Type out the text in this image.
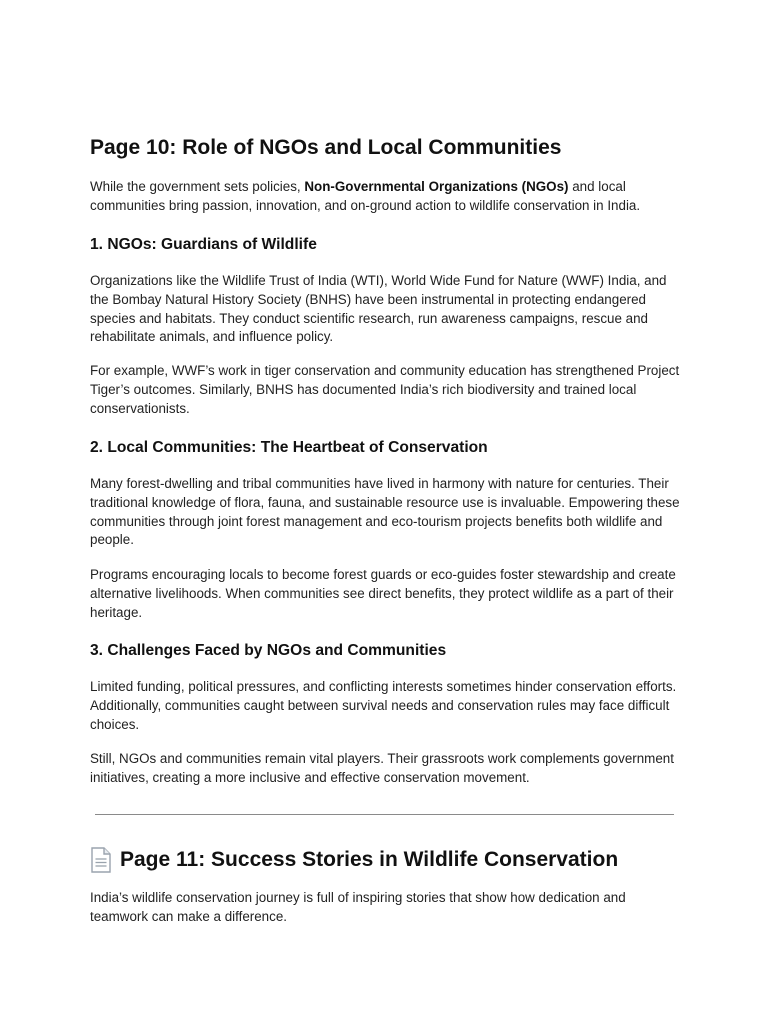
Page 10: Role of NGOs and Local Communities

While the government sets policies, Non-Governmental Organizations (NGOs) and local communities bring passion, innovation, and on-ground action to wildlife conservation in India.

1. NGOs: Guardians of Wildlife

Organizations like the Wildlife Trust of India (WTI), World Wide Fund for Nature (WWF) India, and the Bombay Natural History Society (BNHS) have been instrumental in protecting endangered species and habitats. They conduct scientific research, run awareness campaigns, rescue and rehabilitate animals, and influence policy.

For example, WWF’s work in tiger conservation and community education has strengthened Project Tiger’s outcomes. Similarly, BNHS has documented India’s rich biodiversity and trained local conservationists.

2. Local Communities: The Heartbeat of Conservation

Many forest-dwelling and tribal communities have lived in harmony with nature for centuries. Their traditional knowledge of flora, fauna, and sustainable resource use is invaluable. Empowering these communities through joint forest management and eco-tourism projects benefits both wildlife and people.

Programs encouraging locals to become forest guards or eco-guides foster stewardship and create alternative livelihoods. When communities see direct benefits, they protect wildlife as a part of their heritage.

3. Challenges Faced by NGOs and Communities

Limited funding, political pressures, and conflicting interests sometimes hinder conservation efforts. Additionally, communities caught between survival needs and conservation rules may face difficult choices.

Still, NGOs and communities remain vital players. Their grassroots work complements government initiatives, creating a more inclusive and effective conservation movement.

Page 11: Success Stories in Wildlife Conservation

India’s wildlife conservation journey is full of inspiring stories that show how dedication and teamwork can make a difference.
